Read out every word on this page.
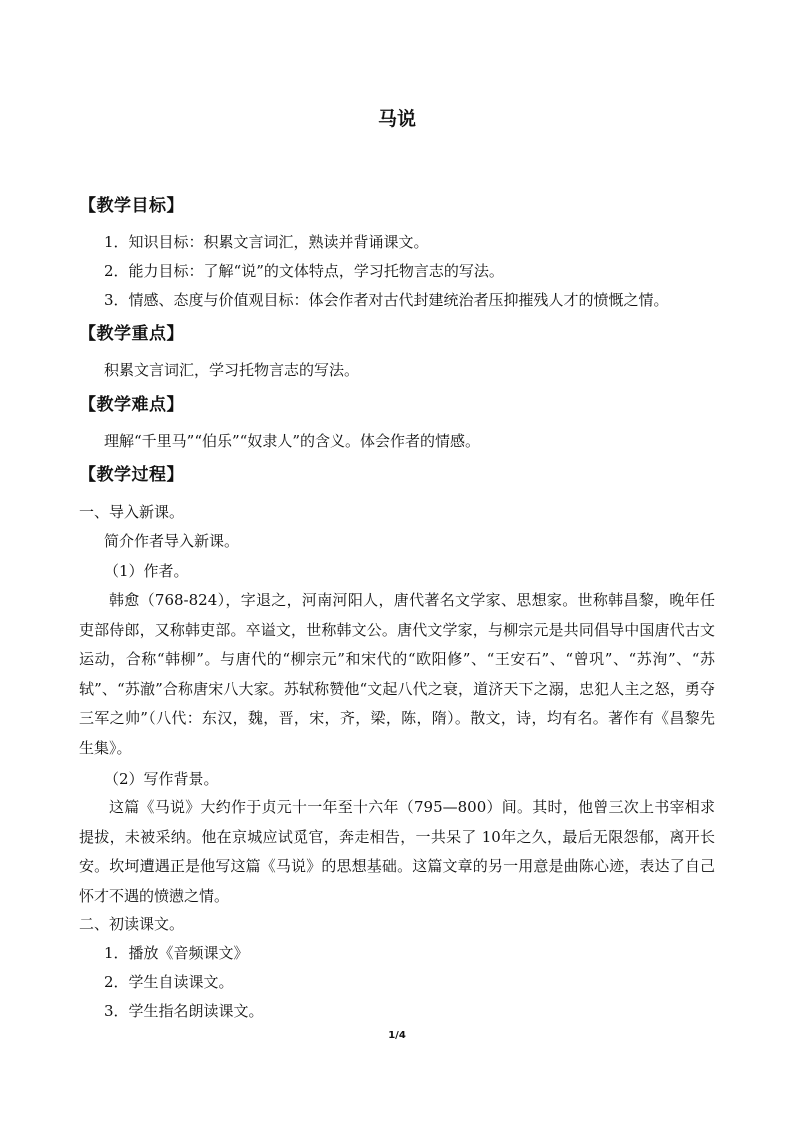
马说
【教学目标】
1．知识目标：积累文言词汇，熟读并背诵课文。
2．能力目标：了解“说”的文体特点，学习托物言志的写法。
3．情感、态度与价值观目标：体会作者对古代封建统治者压抑摧残人才的愤慨之情。
【教学重点】
积累文言词汇，学习托物言志的写法。
【教学难点】
理解“千里马”“伯乐”“奴隶人”的含义。体会作者的情感。
【教学过程】
一、导入新课。
简介作者导入新课。
（1）作者。
韩愈（768-824），字退之，河南河阳人，唐代著名文学家、思想家。世称韩昌黎，晚年任吏部侍郎，又称韩吏部。卒谥文，世称韩文公。唐代文学家，与柳宗元是共同倡导中国唐代古文运动，合称“韩柳”。与唐代的“柳宗元”和宋代的“欧阳修”、“王安石”、“曾巩”、“苏洵”、“苏轼”、“苏澈”合称唐宋八大家。苏轼称赞他“文起八代之衰，道济天下之溺，忠犯人主之怒，勇夺三军之帅”（八代：东汉，魏，晋，宋，齐，梁，陈，隋）。散文，诗，均有名。著作有《昌黎先生集》。
（2）写作背景。
这篇《马说》大约作于贞元十一年至十六年（795—800）间。其时，他曾三次上书宰相求提拔，未被采纳。他在京城应试觅官，奔走相告，一共呆了 10年之久，最后无限怨郁，离开长安。坎坷遭遇正是他写这篇《马说》的思想基础。这篇文章的另一用意是曲陈心迹，表达了自己怀才不遇的愤懑之情。
二、初读课文。
1．播放《音频课文》
2．学生自读课文。
3．学生指名朗读课文。
1/4
